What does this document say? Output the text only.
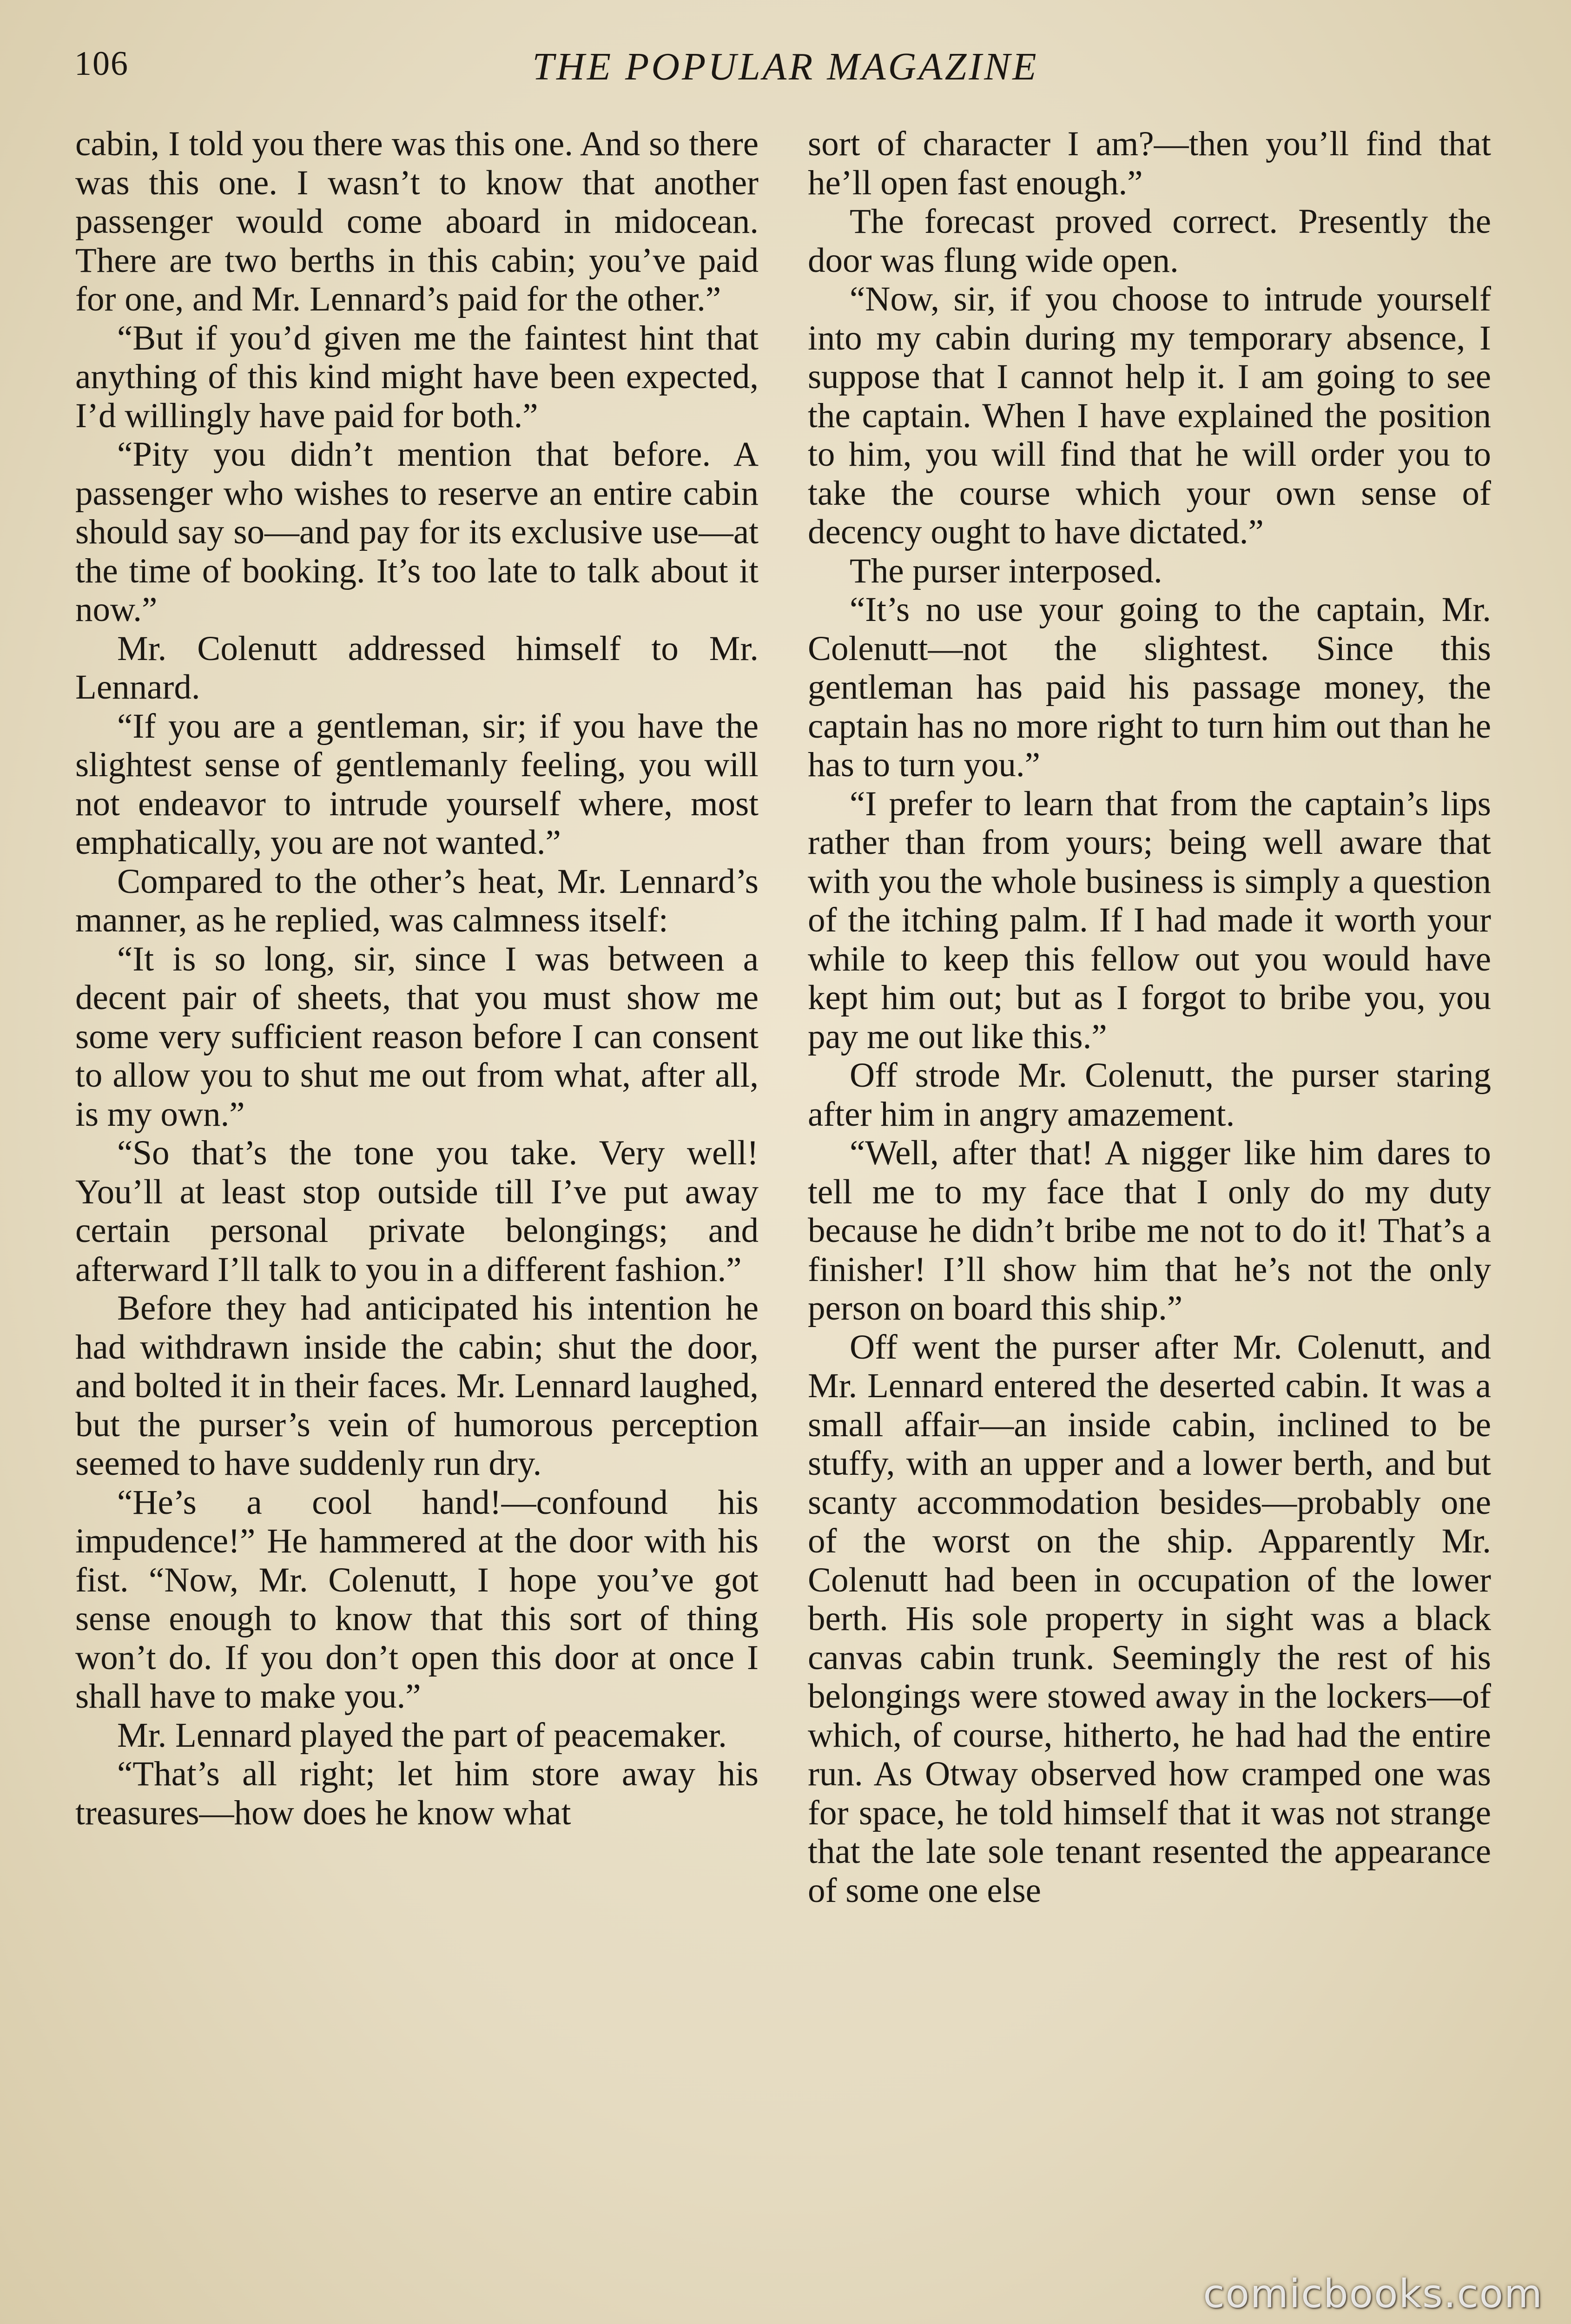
106	THE POPULAR MAGAZINE

cabin, I told you there was this one. And so there was this one. I wasn’t to know that another passenger would come aboard in midocean. There are two berths in this cabin; you’ve paid for one, and Mr. Lennard’s paid for the other.”

“But if you’d given me the faintest hint that anything of this kind might have been expected, I’d willingly have paid for both.”

“Pity you didn’t mention that before. A passenger who wishes to reserve an entire cabin should say so—and pay for its exclusive use—at the time of booking. It’s too late to talk about it now.”

Mr. Colenutt addressed himself to Mr. Lennard.

“If you are a gentleman, sir; if you have the slightest sense of gentlemanly feeling, you will not endeavor to intrude yourself where, most emphatically, you are not wanted.”

Compared to the other’s heat, Mr. Lennard’s manner, as he replied, was calmness itself:

“It is so long, sir, since I was between a decent pair of sheets, that you must show me some very sufficient reason before I can consent to allow you to shut me out from what, after all, is my own.”

“So that’s the tone you take. Very well! You’ll at least stop outside till I’ve put away certain personal private belongings; and afterward I’ll talk to you in a different fashion.”

Before they had anticipated his intention he had withdrawn inside the cabin; shut the door, and bolted it in their faces. Mr. Lennard laughed, but the purser’s vein of humorous perception seemed to have suddenly run dry.

“He’s a cool hand!—confound his impudence!” He hammered at the door with his fist. “Now, Mr. Colenutt, I hope you’ve got sense enough to know that this sort of thing won’t do. If you don’t open this door at once I shall have to make you.”

Mr. Lennard played the part of peacemaker.

“That’s all right; let him store away his treasures—how does he know what

sort of character I am?—then you’ll find that he’ll open fast enough.”

The forecast proved correct. Presently the door was flung wide open.

“Now, sir, if you choose to intrude yourself into my cabin during my temporary absence, I suppose that I cannot help it. I am going to see the captain. When I have explained the position to him, you will find that he will order you to take the course which your own sense of decency ought to have dictated.”

The purser interposed.

“It’s no use your going to the captain, Mr. Colenutt—not the slightest. Since this gentleman has paid his passage money, the captain has no more right to turn him out than he has to turn you.”

“I prefer to learn that from the captain’s lips rather than from yours; being well aware that with you the whole business is simply a question of the itching palm. If I had made it worth your while to keep this fellow out you would have kept him out; but as I forgot to bribe you, you pay me out like this.”

Off strode Mr. Colenutt, the purser staring after him in angry amazement.

“Well, after that! A nigger like him dares to tell me to my face that I only do my duty because he didn’t bribe me not to do it! That’s a finisher! I’ll show him that he’s not the only person on board this ship.”

Off went the purser after Mr. Colenutt, and Mr. Lennard entered the deserted cabin. It was a small affair—an inside cabin, inclined to be stuffy, with an upper and a lower berth, and but scanty accommodation besides—probably one of the worst on the ship. Apparently Mr. Colenutt had been in occupation of the lower berth. His sole property in sight was a black canvas cabin trunk. Seemingly the rest of his belongings were stowed away in the lockers—of which, of course, hitherto, he had had the entire run. As Otway observed how cramped one was for space, he told himself that it was not strange that the late sole tenant resented the appearance of some one else

comicbooks.com
